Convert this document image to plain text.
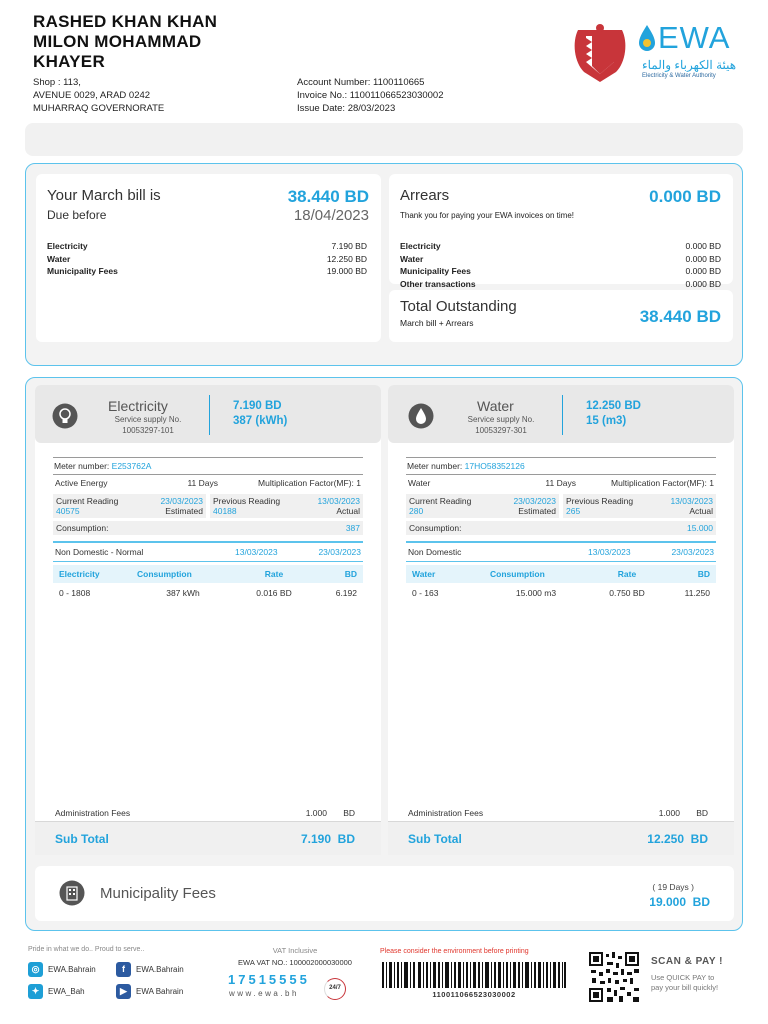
RASHED KHAN KHAN
MILON MOHAMMAD
KHAYER
Shop : 113,
AVENUE 0029, ARAD 0242
MUHARRAQ GOVERNORATE
Account Number: 1100110665
Invoice No.: 110011066523030002
Issue Date: 28/03/2023
EWA
هيئة الكهرباء والماء
Electricity & Water Authority
Your March bill is	38.440 BD
Due before	18/04/2023
Electricity	7.190 BD
Water	12.250 BD
Municipality Fees	19.000 BD
Arrears	0.000 BD
Thank you for paying your EWA invoices on time!
Electricity	0.000 BD
Water	0.000 BD
Municipality Fees	0.000 BD
Other transactions	0.000 BD
Total Outstanding
March bill + Arrears	38.440 BD
Electricity
Service supply No.
10053297-101
7.190 BD
387 (kWh)
Meter number: E253762A
Active Energy	11 Days	Multiplication Factor(MF): 1
Current Reading	23/03/2023
40575	Estimated
Previous Reading	13/03/2023
40188	Actual
Consumption:	387
Non Domestic - Normal	13/03/2023	23/03/2023
Electricity	Consumption	Rate	BD
0 - 1808	387 kWh	0.016 BD	6.192
Administration Fees	1.000	BD
Sub Total	7.190  BD
Water
Service supply No.
10053297-301
12.250 BD
15 (m3)
Meter number: 17HO58352126
Water	11 Days	Multiplication Factor(MF): 1
Current Reading	23/03/2023
280	Estimated
Previous Reading	13/03/2023
265	Actual
Consumption:	15.000
Non Domestic	13/03/2023	23/03/2023
Water	Consumption	Rate	BD
0 - 163	15.000 m3	0.750 BD	11.250
Administration Fees	1.000	BD
Sub Total	12.250  BD
Municipality Fees	( 19 Days )
19.000  BD
Pride in what we do.. Proud to serve..
◎	EWA.Bahrain	f	EWA.Bahrain
✦	EWA_Bah	▶	EWA Bahrain
VAT Inclusive
EWA VAT NO.: 100002000030000
17515555
www.ewa.bh
24/7
Please consider the environment before printing
110011066523030002
SCAN & PAY !
Use QUICK PAY to
pay your bill quickly!
